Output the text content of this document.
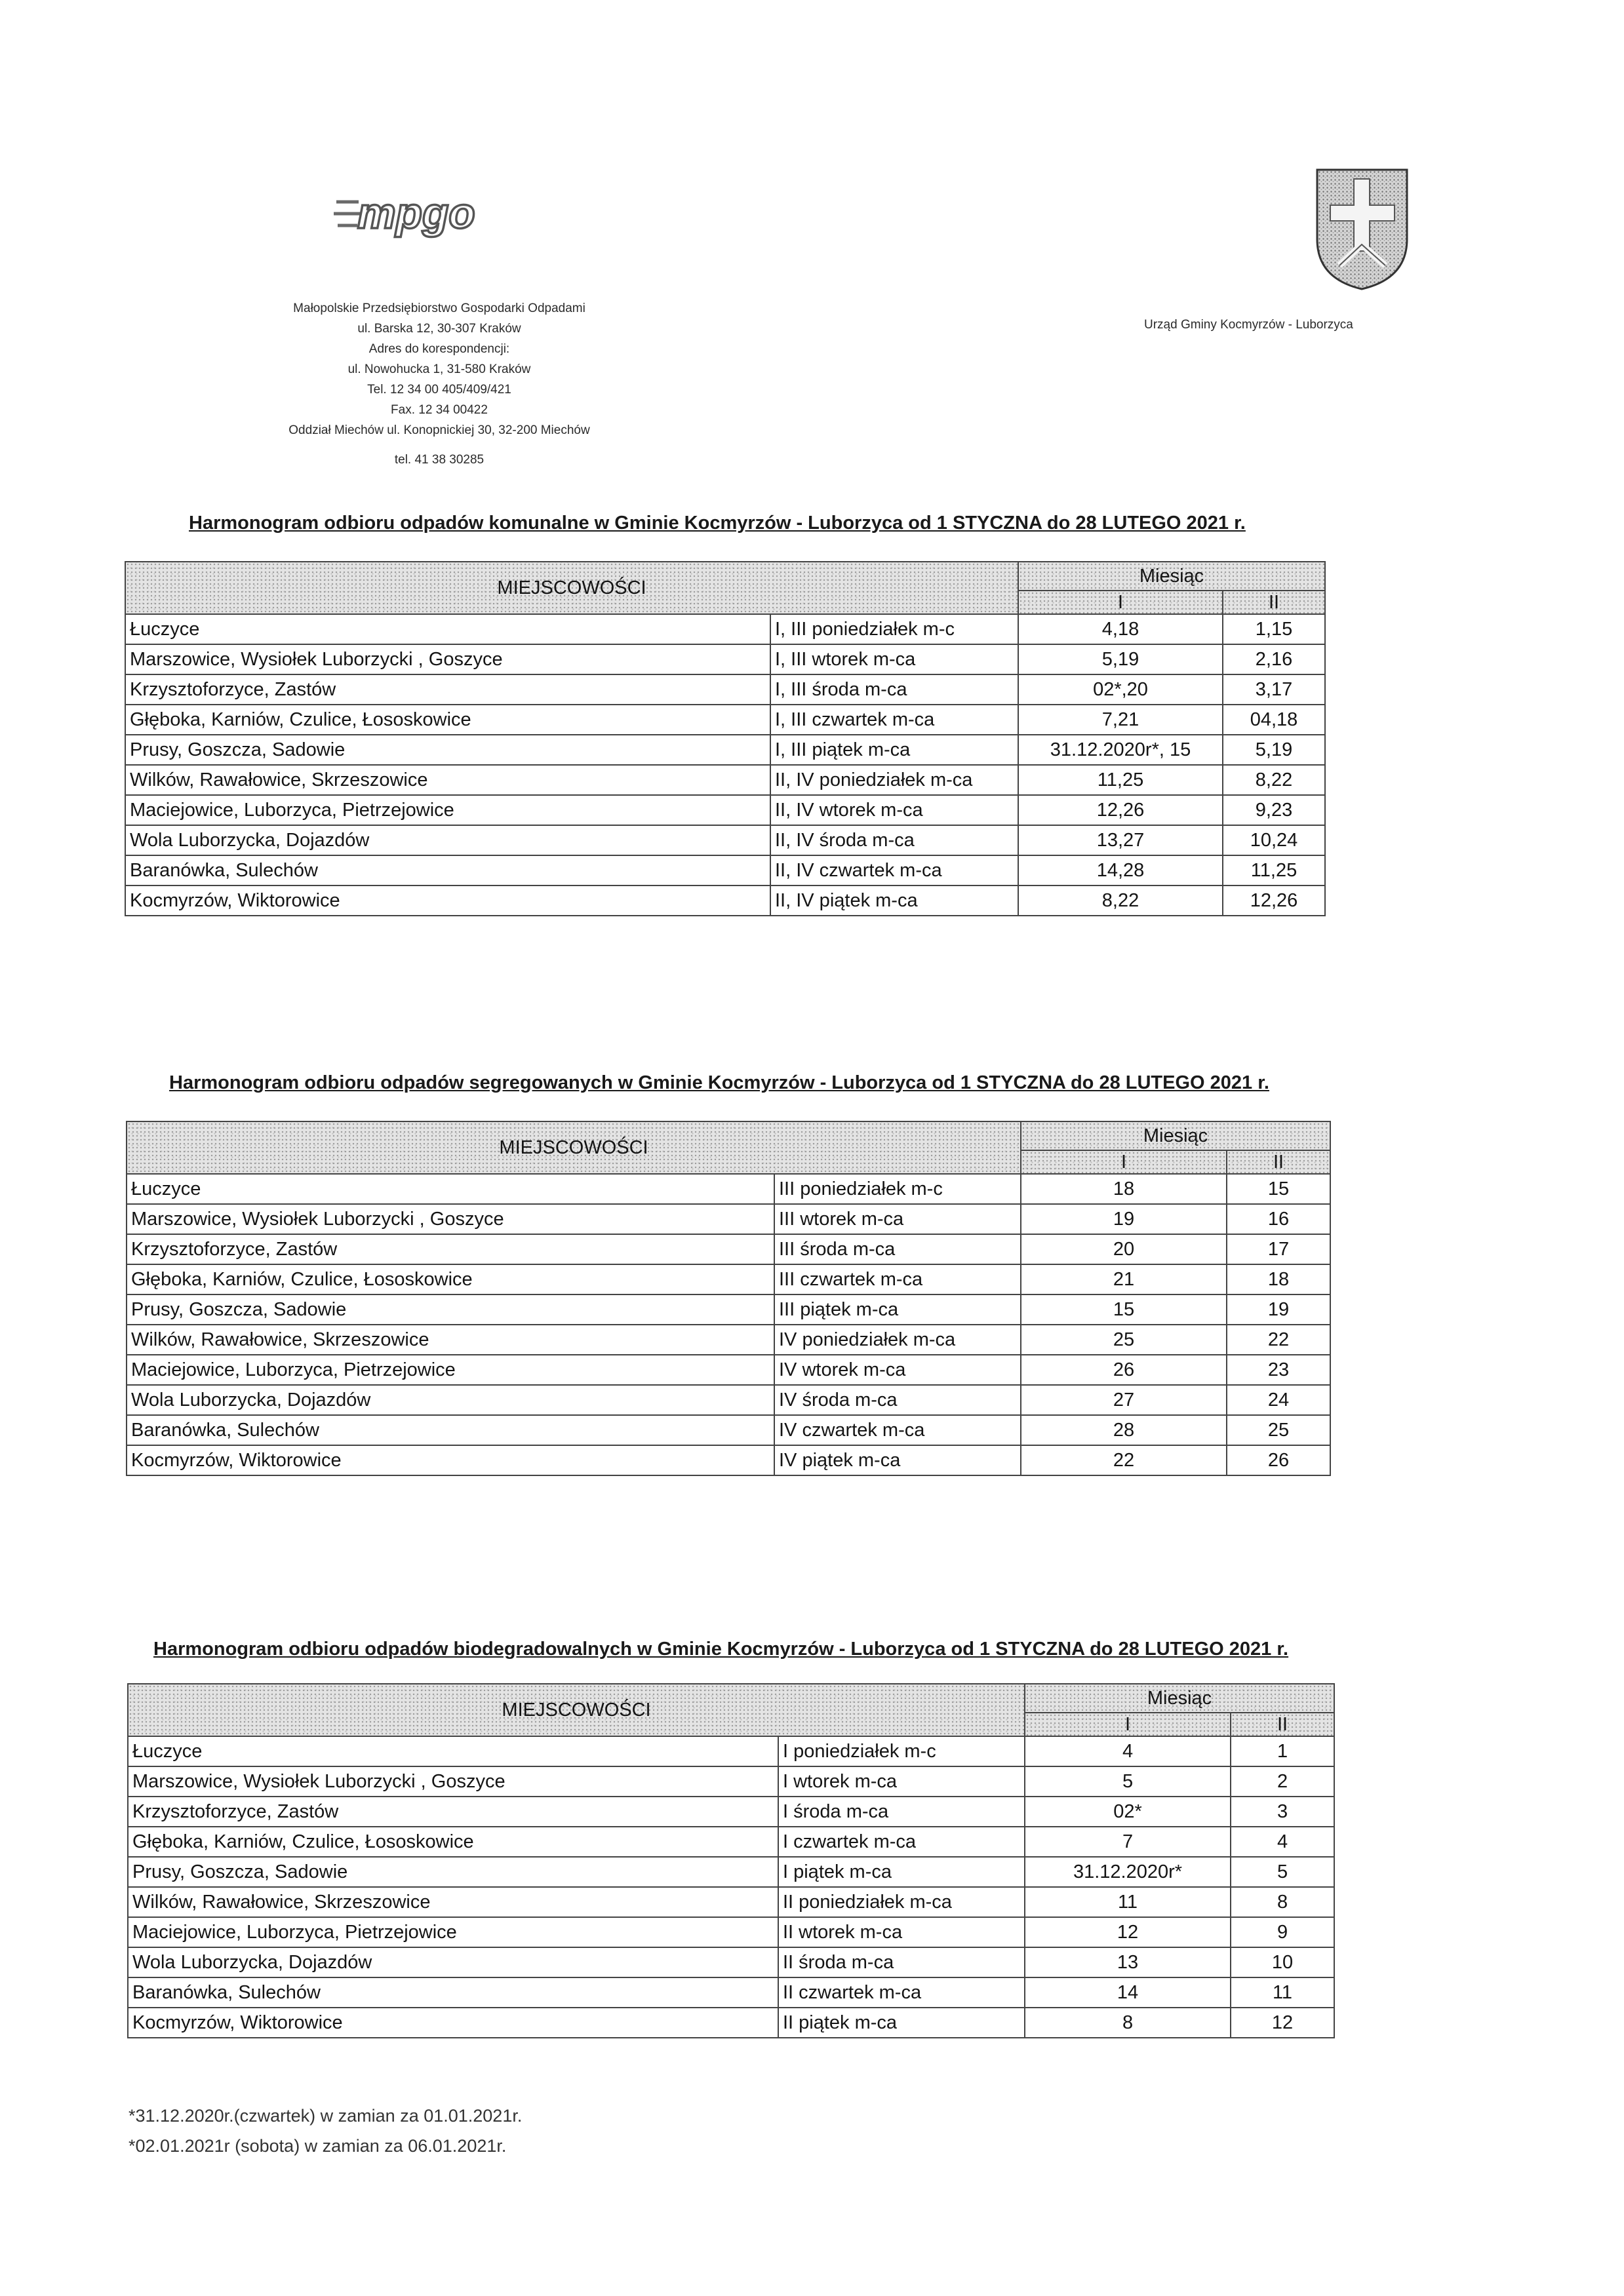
mpgo
Małopolskie Przedsiębiorstwo Gospodarki Odpadami
ul. Barska 12, 30-307 Kraków
Adres do korespondencji:
ul. Nowohucka 1, 31-580 Kraków
Tel. 12 34 00 405/409/421
Fax. 12 34 00422
Oddział Miechów ul. Konopnickiej 30, 32-200 Miechów
tel. 41 38 30285
Urząd Gminy Kocmyrzów - Luborzyca
Harmonogram odbioru odpadów komunalne w Gminie Kocmyrzów - Luborzyca od 1 STYCZNA do 28 LUTEGO 2021 r.
MIEJSCOWOŚCI		Miesiąc	
		I	II
Łuczyce	I, III poniedziałek m-c	4,18	1,15
Marszowice, Wysiołek Luborzycki , Goszyce	I, III wtorek m-ca	5,19	2,16
Krzysztoforzyce, Zastów	I, III środa m-ca	02*,20	3,17
Głęboka, Karniów, Czulice, Łososkowice	I, III czwartek m-ca	7,21	04,18
Prusy, Goszcza, Sadowie	I, III piątek m-ca	31.12.2020r*, 15	5,19
Wilków, Rawałowice, Skrzeszowice	II, IV poniedziałek m-ca	11,25	8,22
Maciejowice, Luborzyca, Pietrzejowice	II, IV wtorek m-ca	12,26	9,23
Wola Luborzycka, Dojazdów	II, IV środa m-ca	13,27	10,24
Baranówka, Sulechów	II, IV czwartek m-ca	14,28	11,25
Kocmyrzów, Wiktorowice	II, IV piątek m-ca	8,22	12,26
Harmonogram odbioru odpadów segregowanych w Gminie Kocmyrzów - Luborzyca od 1 STYCZNA do 28 LUTEGO 2021 r.
MIEJSCOWOŚCI		Miesiąc	
		I	II
Łuczyce	III poniedziałek m-c	18	15
Marszowice, Wysiołek Luborzycki , Goszyce	III wtorek m-ca	19	16
Krzysztoforzyce, Zastów	III środa m-ca	20	17
Głęboka, Karniów, Czulice, Łososkowice	III czwartek m-ca	21	18
Prusy, Goszcza, Sadowie	III piątek m-ca	15	19
Wilków, Rawałowice, Skrzeszowice	IV poniedziałek m-ca	25	22
Maciejowice, Luborzyca, Pietrzejowice	IV wtorek m-ca	26	23
Wola Luborzycka, Dojazdów	IV środa m-ca	27	24
Baranówka, Sulechów	IV czwartek m-ca	28	25
Kocmyrzów, Wiktorowice	IV piątek m-ca	22	26
Harmonogram odbioru odpadów biodegradowalnych w Gminie Kocmyrzów - Luborzyca od 1 STYCZNA do 28 LUTEGO 2021 r.
MIEJSCOWOŚCI		Miesiąc	
		I	II
Łuczyce	I poniedziałek m-c	4	1
Marszowice, Wysiołek Luborzycki , Goszyce	I wtorek m-ca	5	2
Krzysztoforzyce, Zastów	I środa m-ca	02*	3
Głęboka, Karniów, Czulice, Łososkowice	I czwartek m-ca	7	4
Prusy, Goszcza, Sadowie	I piątek m-ca	31.12.2020r*	5
Wilków, Rawałowice, Skrzeszowice	II poniedziałek m-ca	11	8
Maciejowice, Luborzyca, Pietrzejowice	II wtorek m-ca	12	9
Wola Luborzycka, Dojazdów	II środa m-ca	13	10
Baranówka, Sulechów	II czwartek m-ca	14	11
Kocmyrzów, Wiktorowice	II piątek m-ca	8	12
*31.12.2020r.(czwartek) w zamian za 01.01.2021r.
*02.01.2021r (sobota) w zamian za 06.01.2021r.
